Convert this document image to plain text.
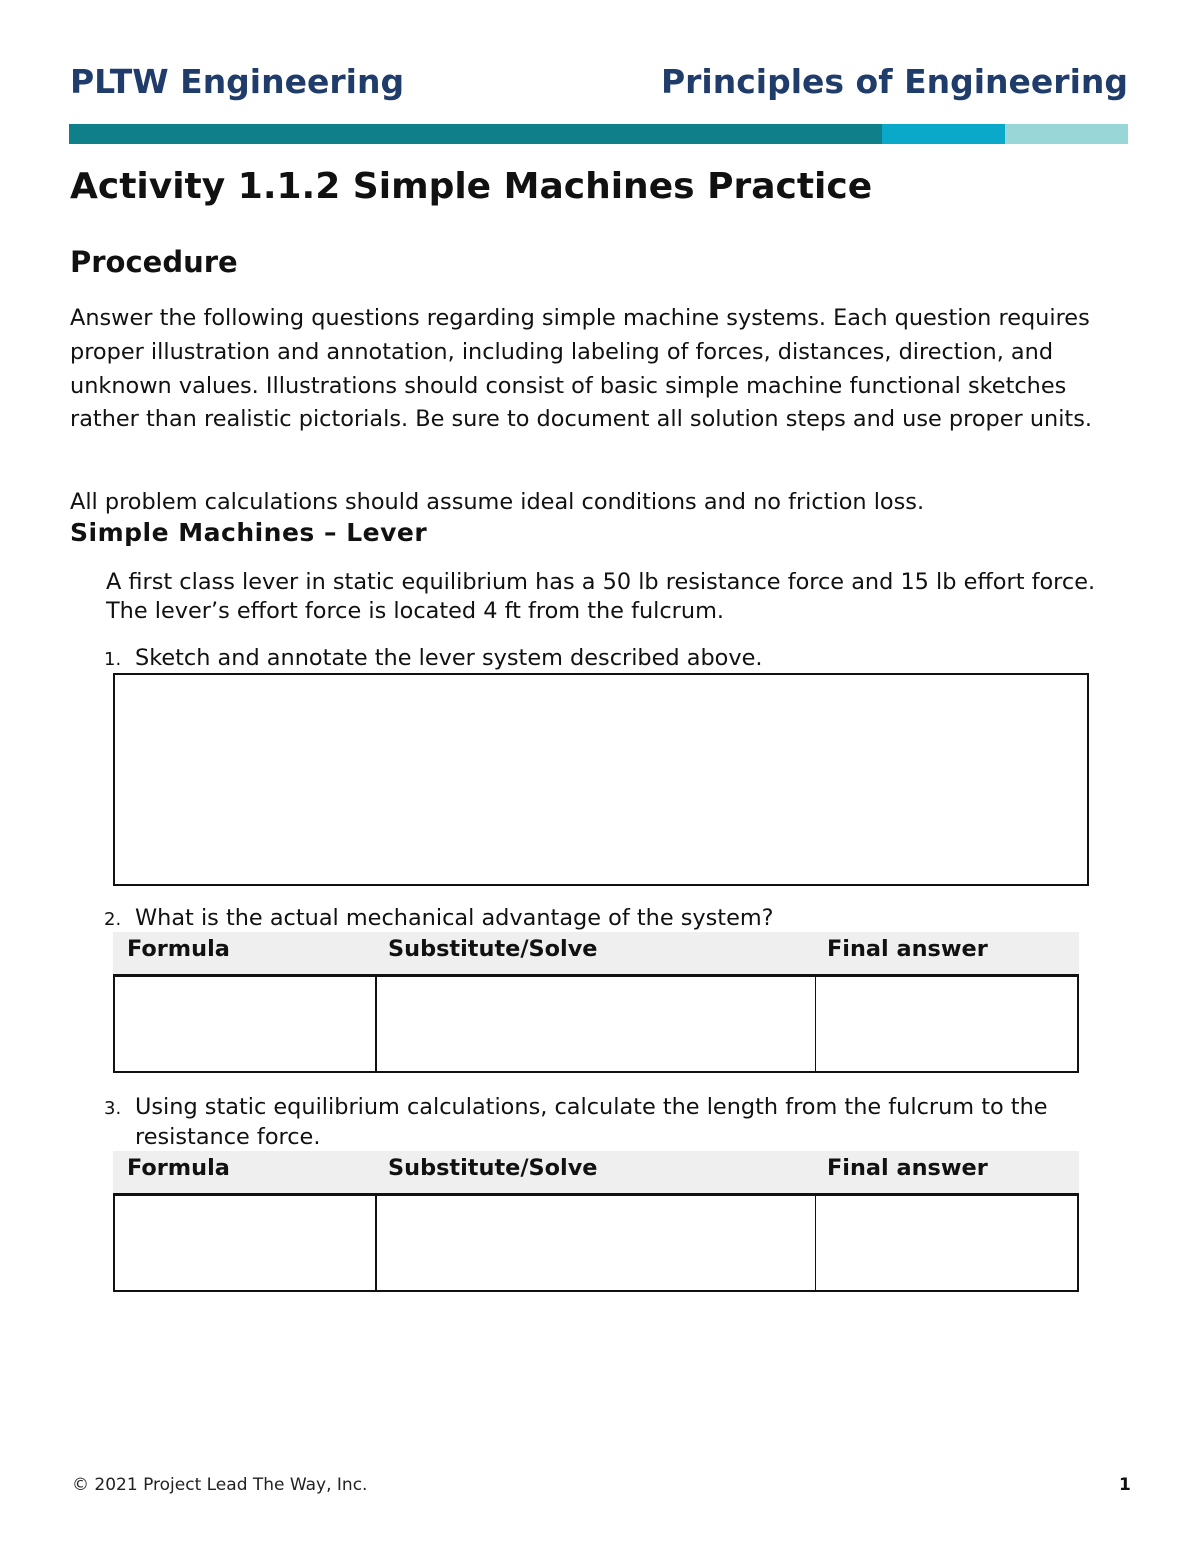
PLTW Engineering	Principles of Engineering
Activity 1.1.2 Simple Machines Practice
Procedure
Answer the following questions regarding simple machine systems. Each question requires proper illustration and annotation, including labeling of forces, distances, direction, and unknown values. Illustrations should consist of basic simple machine functional sketches rather than realistic pictorials. Be sure to document all solution steps and use proper units.
All problem calculations should assume ideal conditions and no friction loss.
Simple Machines – Lever
A first class lever in static equilibrium has a 50 lb resistance force and 15 lb effort force. The lever’s effort force is located 4 ft from the fulcrum.
1. Sketch and annotate the lever system described above.
2. What is the actual mechanical advantage of the system?
Formula	Substitute/Solve	Final answer
3. Using static equilibrium calculations, calculate the length from the fulcrum to the resistance force.
Formula	Substitute/Solve	Final answer
© 2021 Project Lead The Way, Inc.	1
